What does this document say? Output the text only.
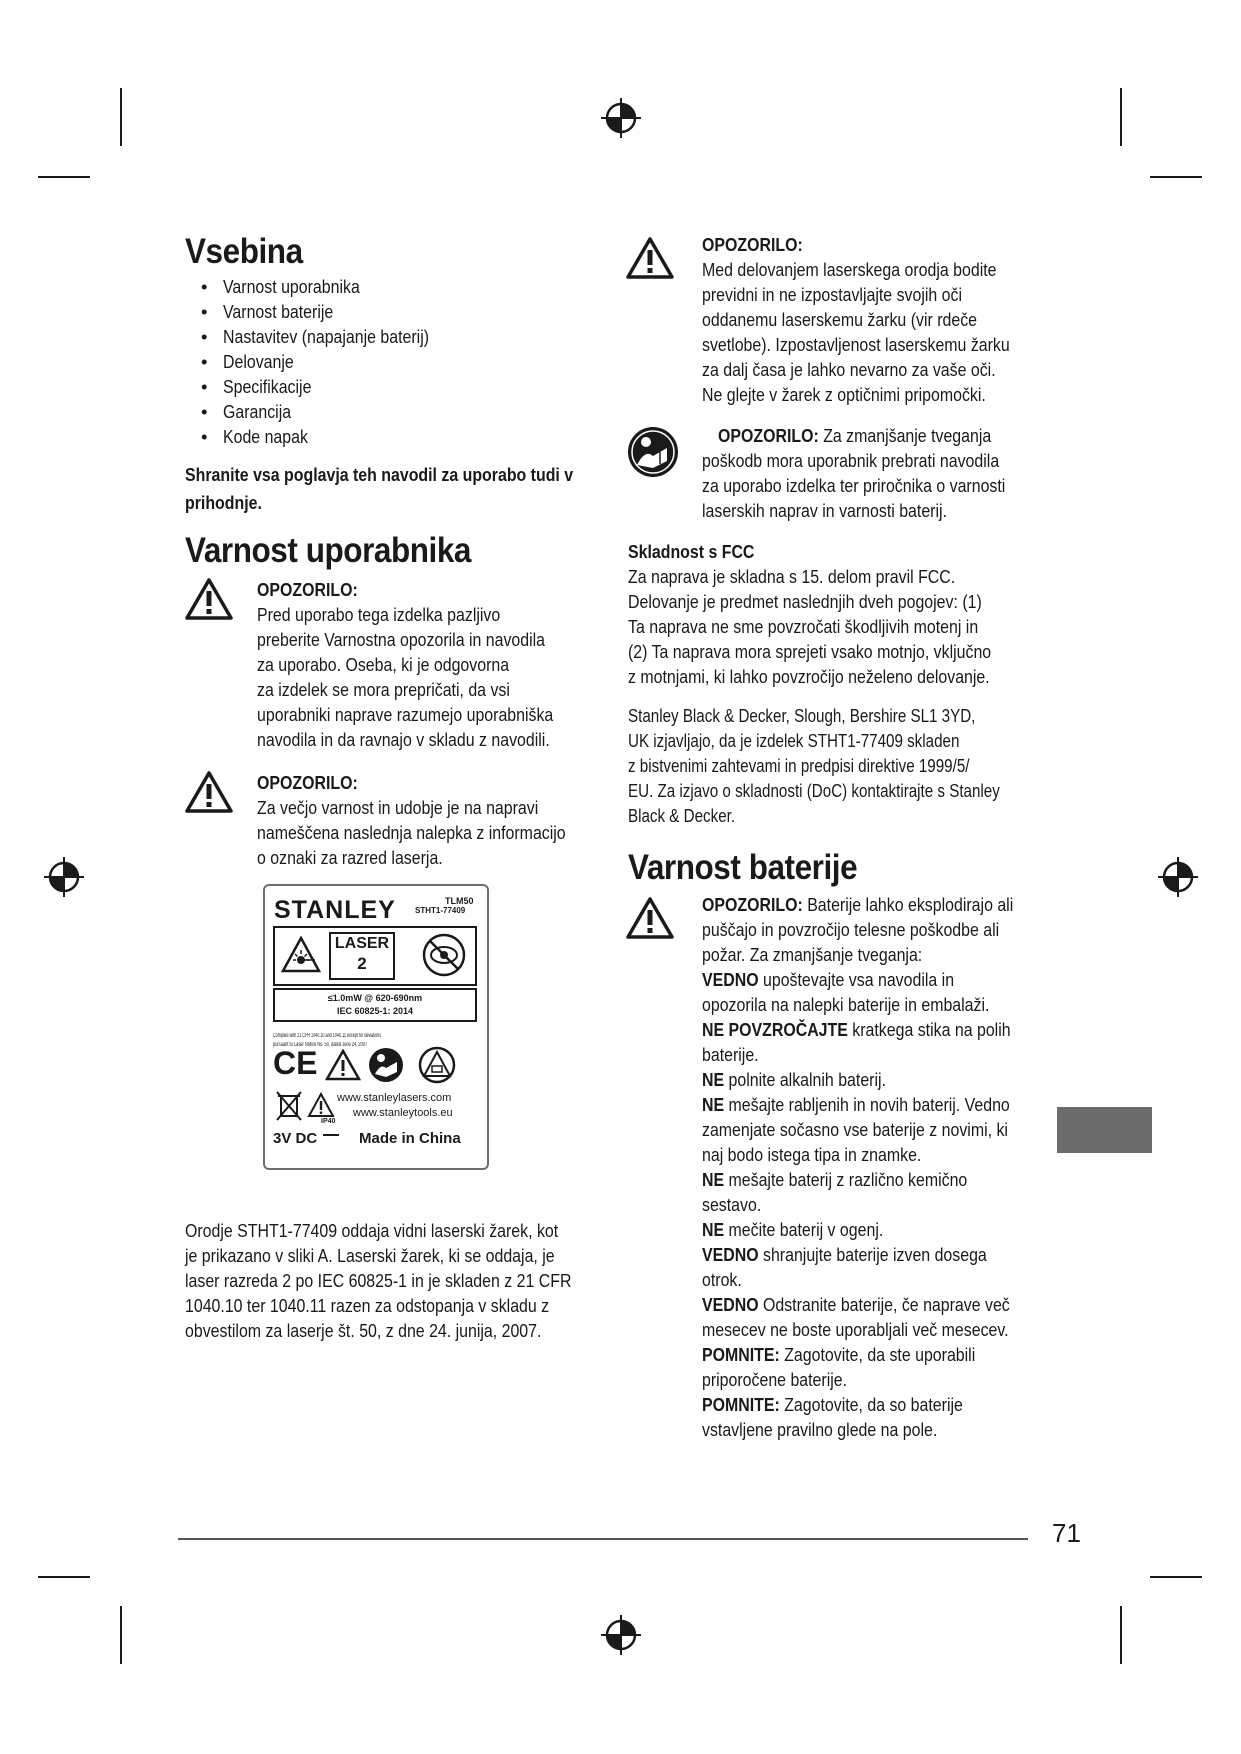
Vsebina
• Varnost uporabnika
• Varnost baterije
• Nastavitev (napajanje baterij)
• Delovanje
• Specifikacije
• Garancija
• Kode napak
Shranite vsa poglavja teh navodil za uporabo tudi v prihodnje.
Varnost uporabnika
OPOZORILO:
Pred uporabo tega izdelka pazljivo
preberite Varnostna opozorila in navodila
za uporabo. Oseba, ki je odgovorna
za izdelek se mora prepričati, da vsi
uporabniki naprave razumejo uporabniška
navodila in da ravnajo v skladu z navodili.
OPOZORILO:
Za večjo varnost in udobje je na napravi
nameščena naslednja nalepka z informacijo
o oznaki za razred laserja.
STANLEY	TLM50
STHT1-77409
LASER
2
≤1.0mW @ 620-690nm
IEC 60825-1: 2014
Complies with 21 CFR 1040.10 and 1040.11 except for deviations
pursuant to Laser Notice No. 50, dated June 24, 2007
CE
www.stanleylasers.com
www.stanleytools.eu
IP40
3V DC	Made in China
Orodje STHT1-77409 oddaja vidni laserski žarek, kot
je prikazano v sliki A. Laserski žarek, ki se oddaja, je
laser razreda 2 po IEC 60825-1 in je skladen z 21 CFR
1040.10 ter 1040.11 razen za odstopanja v skladu z
obvestilom za laserje št. 50, z dne 24. junija, 2007.
OPOZORILO:
Med delovanjem laserskega orodja bodite
previdni in ne izpostavljajte svojih oči
oddanemu laserskemu žarku (vir rdeče
svetlobe). Izpostavljenost laserskemu žarku
za dalj časa je lahko nevarno za vaše oči.
Ne glejte v žarek z optičnimi pripomočki.
OPOZORILO: Za zmanjšanje tveganja
poškodb mora uporabnik prebrati navodila
za uporabo izdelka ter priročnika o varnosti
laserskih naprav in varnosti baterij.
Skladnost s FCC
Za naprava je skladna s 15. delom pravil FCC.
Delovanje je predmet naslednjih dveh pogojev: (1)
Ta naprava ne sme povzročati škodljivih motenj in
(2) Ta naprava mora sprejeti vsako motnjo, vključno
z motnjami, ki lahko povzročijo neželeno delovanje.
Stanley Black & Decker, Slough, Bershire SL1 3YD,
UK izjavljajo, da je izdelek STHT1-77409 skladen
z bistvenimi zahtevami in predpisi direktive 1999/5/
EU. Za izjavo o skladnosti (DoC) kontaktirajte s Stanley
Black & Decker.
Varnost baterije
OPOZORILO: Baterije lahko eksplodirajo ali
puščajo in povzročijo telesne poškodbe ali
požar. Za zmanjšanje tveganja:
VEDNO upoštevajte vsa navodila in
opozorila na nalepki baterije in embalaži.
NE POVZROČAJTE kratkega stika na polih
baterije.
NE polnite alkalnih baterij.
NE mešajte rabljenih in novih baterij. Vedno
zamenjate sočasno vse baterije z novimi, ki
naj bodo istega tipa in znamke.
NE mešajte baterij z različno kemično
sestavo.
NE mečite baterij v ogenj.
VEDNO shranjujte baterije izven dosega
otrok.
VEDNO Odstranite baterije, če naprave več
mesecev ne boste uporabljali več mesecev.
POMNITE: Zagotovite, da ste uporabili
priporočene baterije.
POMNITE: Zagotovite, da so baterije
vstavljene pravilno glede na pole.
71
